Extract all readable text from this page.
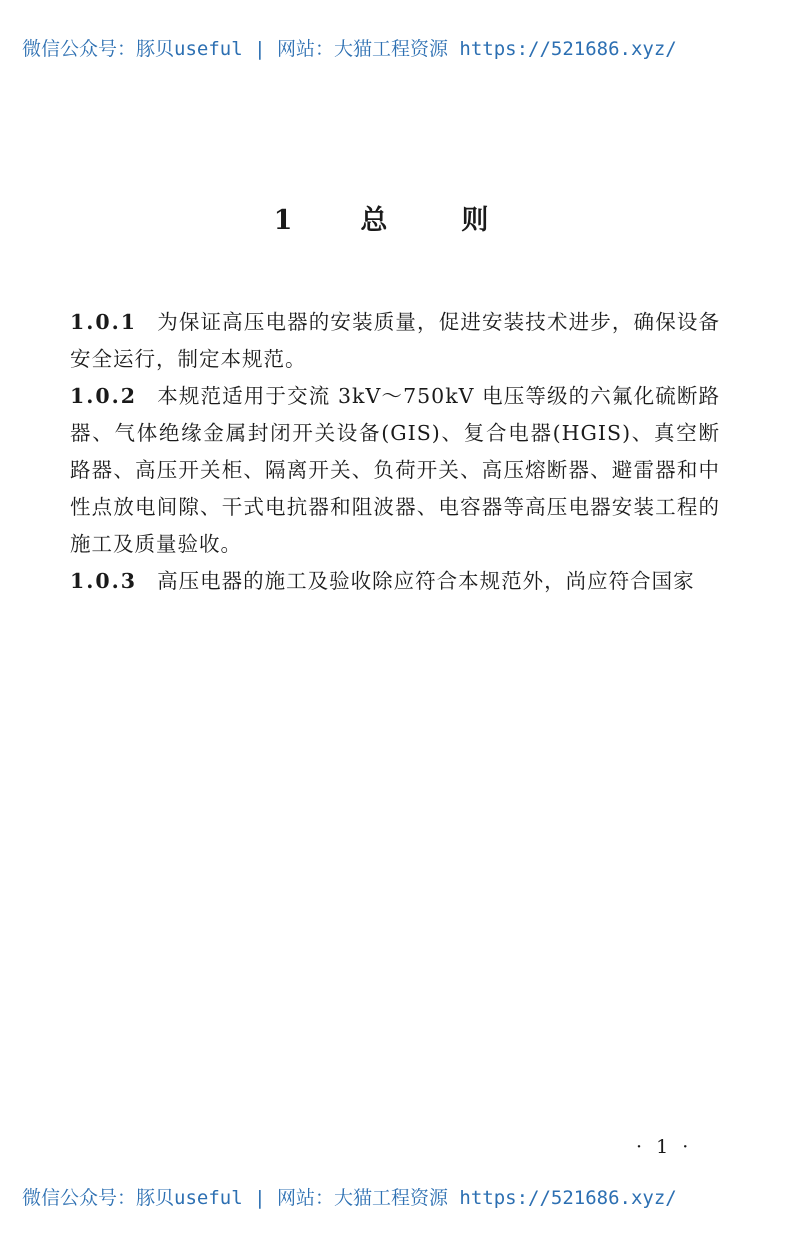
微信公众号：豚贝useful | 网站：大猫工程资源 https://521686.xyz/
1 总	则

1.0.1 为保证高压电器的安装质量，促进安装技术进步，确保设备安全运行，制定本规范。

1.0.2 本规范适用于交流 3kV～750kV 电压等级的六氟化硫断路器、气体绝缘金属封闭开关设备(GIS)、复合电器(HGIS)、真空断路器、高压开关柜、隔离开关、负荷开关、高压熔断器、避雷器和中性点放电间隙、干式电抗器和阻波器、电容器等高压电器安装工程的施工及质量验收。

1.0.3 高压电器的施工及验收除应符合本规范外，尚应符合国家

· 1 ·
微信公众号：豚贝useful | 网站：大猫工程资源 https://521686.xyz/
